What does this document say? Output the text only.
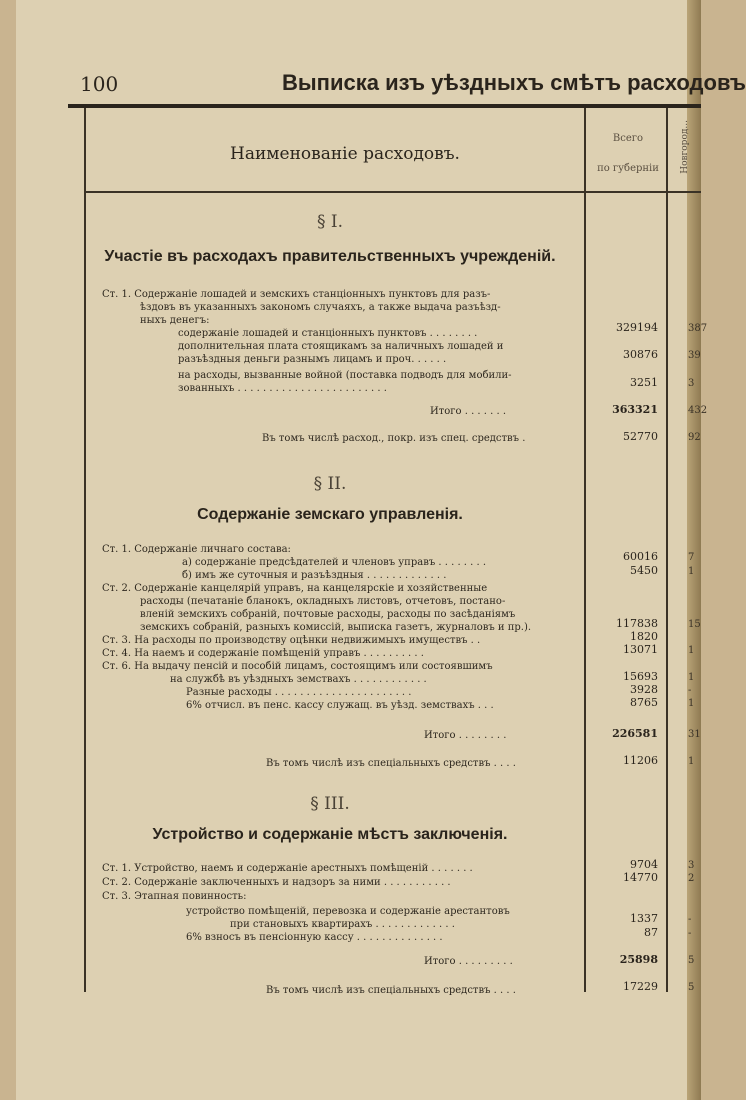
100	Выписка изъ уѣздныхъ смѣтъ расходовъ
Наименованіе расходовъ.
Всего
по губерніи	Новгород...
§ I.
Участіе въ расходахъ правительственныхъ учрежденій.
Ст. 1. Содержаніе лошадей и земскихъ станціонныхъ пунктовъ для разъ-
ѣздовъ въ указанныхъ закономъ случаяхъ, а также выдача разъѣзд-
ныхъ денегъ:
содержаніе лошадей и станціонныхъ пунктовъ . . . . . . . .	329194	387
дополнительная плата стоящикамъ за наличныхъ лошадей и
разъѣздныя деньги разнымъ лицамъ и проч. . . . . .	30876	39
на расходы, вызванные войной (поставка подводъ для мобили-
зованныхъ . . . . . . . . . . . . . . . . . . . . . . . .	3251	3
Итого . . . . . . .	363321	432
Въ томъ числѣ расход., покр. изъ спец. средствъ .	52770	92
§ II.
Содержаніе земскаго управленія.
Ст. 1. Содержаніе личнаго состава:
а) содержаніе предсѣдателей и членовъ управъ . . . . . . . .	60016	7
б) имъ же суточныя и разъѣздныя . . . . . . . . . . . . .	5450	1
Ст. 2. Содержаніе канцелярій управъ, на канцелярскіе и хозяйственные
расходы (печатаніе бланокъ, окладныхъ листовъ, отчетовъ, постано-
вленій земскихъ собраній, почтовые расходы, расходы по засѣданіямъ
земскихъ собраній, разныхъ комиссій, выписка газетъ, журналовъ и пр.).	117838	15
Ст. 3. На расходы по производству оцѣнки недвижимыхъ имуществъ . .	1820
Ст. 4. На наемъ и содержаніе помѣщеній управъ . . . . . . . . . .	13071	1
Ст. 6. На выдачу пенсій и пособій лицамъ, состоящимъ или состоявшимъ
на службѣ въ уѣздныхъ земствахъ . . . . . . . . . . . .	15693	1
Разные расходы . . . . . . . . . . . . . . . . . . . . . .	3928	-
6% отчисл. въ пенс. кассу служащ. въ уѣзд. земствахъ . . .	8765	1
Итого . . . . . . . .	226581	31
Въ томъ числѣ изъ спеціальныхъ средствъ . . . .	11206	1
§ III.
Устройство и содержаніе мѣстъ заключенія.
Ст. 1. Устройство, наемъ и содержаніе арестныхъ помѣщеній . . . . . . .	9704	3
Ст. 2. Содержаніе заключенныхъ и надзоръ за ними . . . . . . . . . . .	14770	2
Ст. 3. Этапная повинность:
устройство помѣщеній, перевозка и содержаніе арестантовъ
при становыхъ квартирахъ . . . . . . . . . . . . .	1337	-
6% взносъ въ пенсіонную кассу . . . . . . . . . . . . . .	87	-
Итого . . . . . . . . .	25898	5
Въ томъ числѣ изъ спеціальныхъ средствъ . . . .	17229	5
